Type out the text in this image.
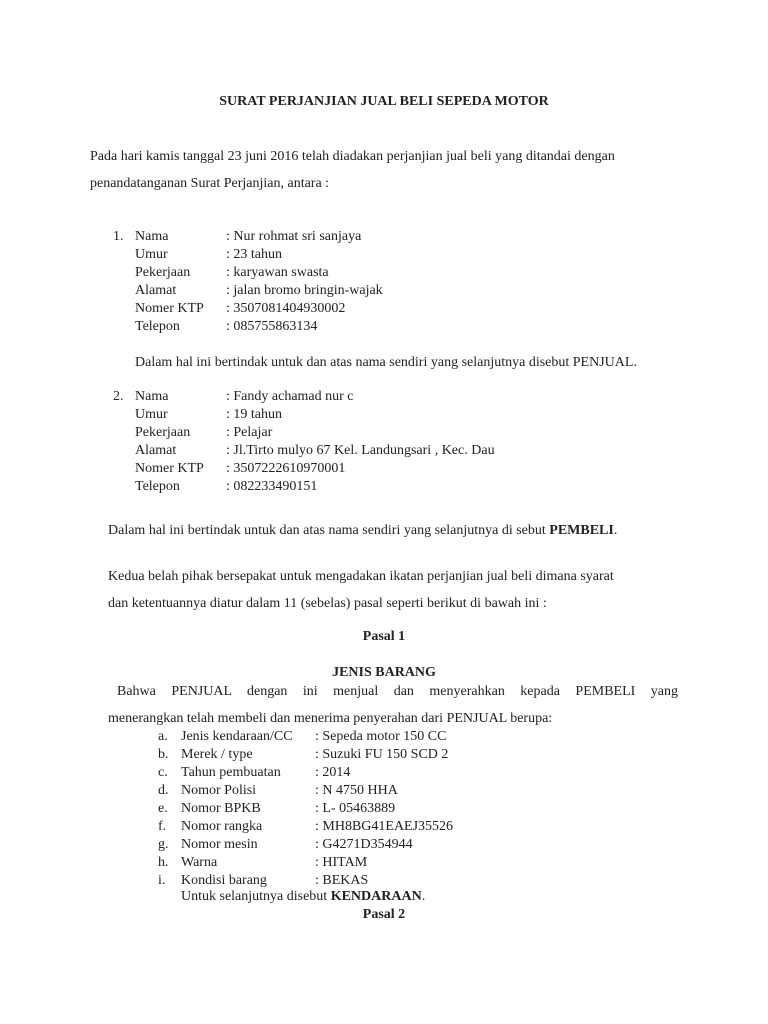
SURAT PERJANJIAN JUAL BELI SEPEDA MOTOR
Pada hari kamis tanggal 23 juni 2016 telah diadakan perjanjian jual beli yang ditandai dengan
penandatanganan Surat Perjanjian, antara :
1. Nama	: Nur rohmat sri sanjaya
Umur	: 23 tahun
Pekerjaan	: karyawan swasta
Alamat	: jalan bromo bringin-wajak
Nomer KTP : 3507081404930002
Telepon	: 085755863134
Dalam hal ini bertindak untuk dan atas nama sendiri yang selanjutnya disebut PENJUAL.
2. Nama	: Fandy achamad nur c
Umur	: 19 tahun
Pekerjaan	: Pelajar
Alamat	: Jl.Tirto mulyo 67 Kel. Landungsari , Kec. Dau
Nomer KTP : 3507222610970001
Telepon	: 082233490151
Dalam hal ini bertindak untuk dan atas nama sendiri yang selanjutnya di sebut PEMBELI.
Kedua belah pihak bersepakat untuk mengadakan ikatan perjanjian jual beli dimana syarat
dan ketentuannya diatur dalam 11 (sebelas) pasal seperti berikut di bawah ini :
Pasal 1
JENIS BARANG
Bahwa PENJUAL dengan ini menjual dan menyerahkan kepada PEMBELI yang
menerangkan telah membeli dan menerima penyerahan dari PENJUAL berupa:
a. Jenis kendaraan/CC : Sepeda motor 150 CC
b. Merek / type	: Suzuki FU 150 SCD 2
c. Tahun pembuatan : 2014
d. Nomor Polisi	: N 4750 HHA
e. Nomor BPKB	: L- 05463889
f. Nomor rangka	: MH8BG41EAEJ35526
g. Nomor mesin	: G4271D354944
h. Warna	: HITAM
i. Kondisi barang	: BEKAS
Untuk selanjutnya disebut KENDARAAN.
Pasal 2
